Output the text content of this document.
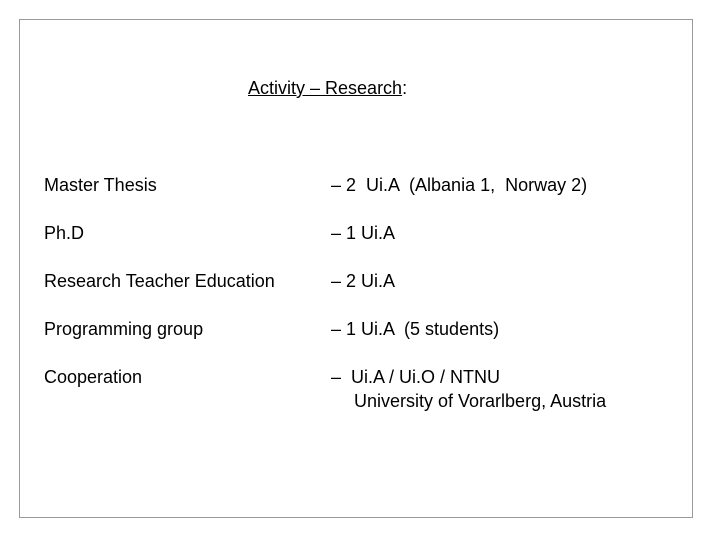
Activity – Research:
Master Thesis	– 2  Ui.A  (Albania 1,  Norway 2)
Ph.D	– 1 Ui.A
Research Teacher Education	– 2 Ui.A
Programming group	– 1 Ui.A  (5 students)
Cooperation	–  Ui.A / Ui.O / NTNU
University of Vorarlberg, Austria
